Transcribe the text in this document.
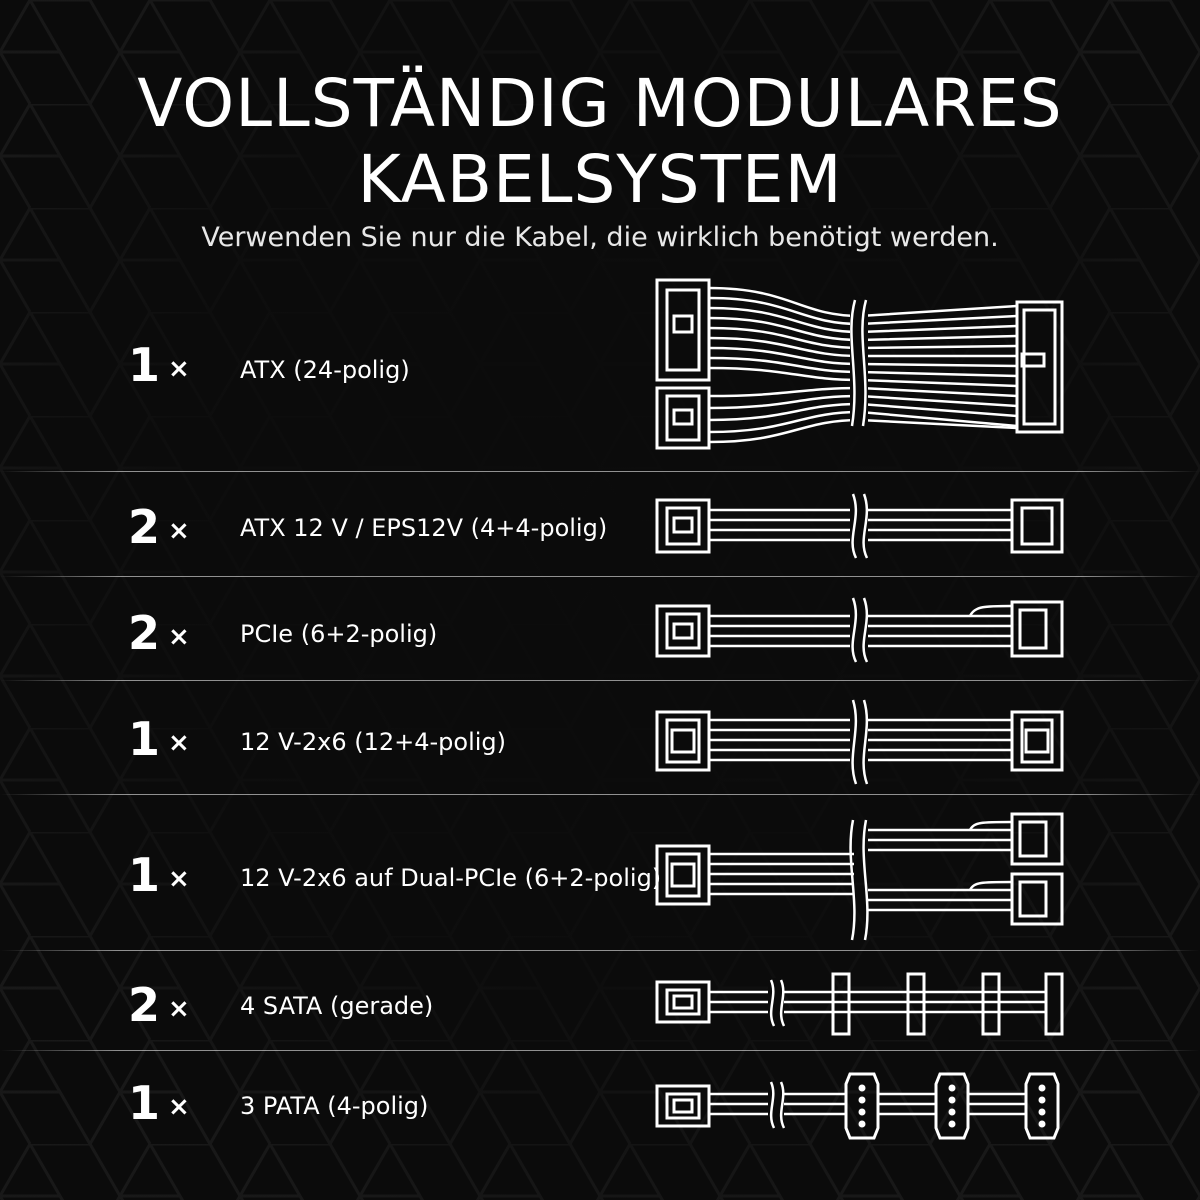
VOLLSTÄNDIG MODULARES
KABELSYSTEM
Verwenden Sie nur die Kabel, die wirklich benötigt werden.
1 × ATX (24-polig)
2 × ATX 12 V / EPS12V (4+4-polig)
2 × PCIe (6+2-polig)
1 × 12 V-2x6 (12+4-polig)
1 × 12 V-2x6 auf Dual-PCIe (6+2-polig)
2 × 4 SATA (gerade)
1 × 3 PATA (4-polig)
